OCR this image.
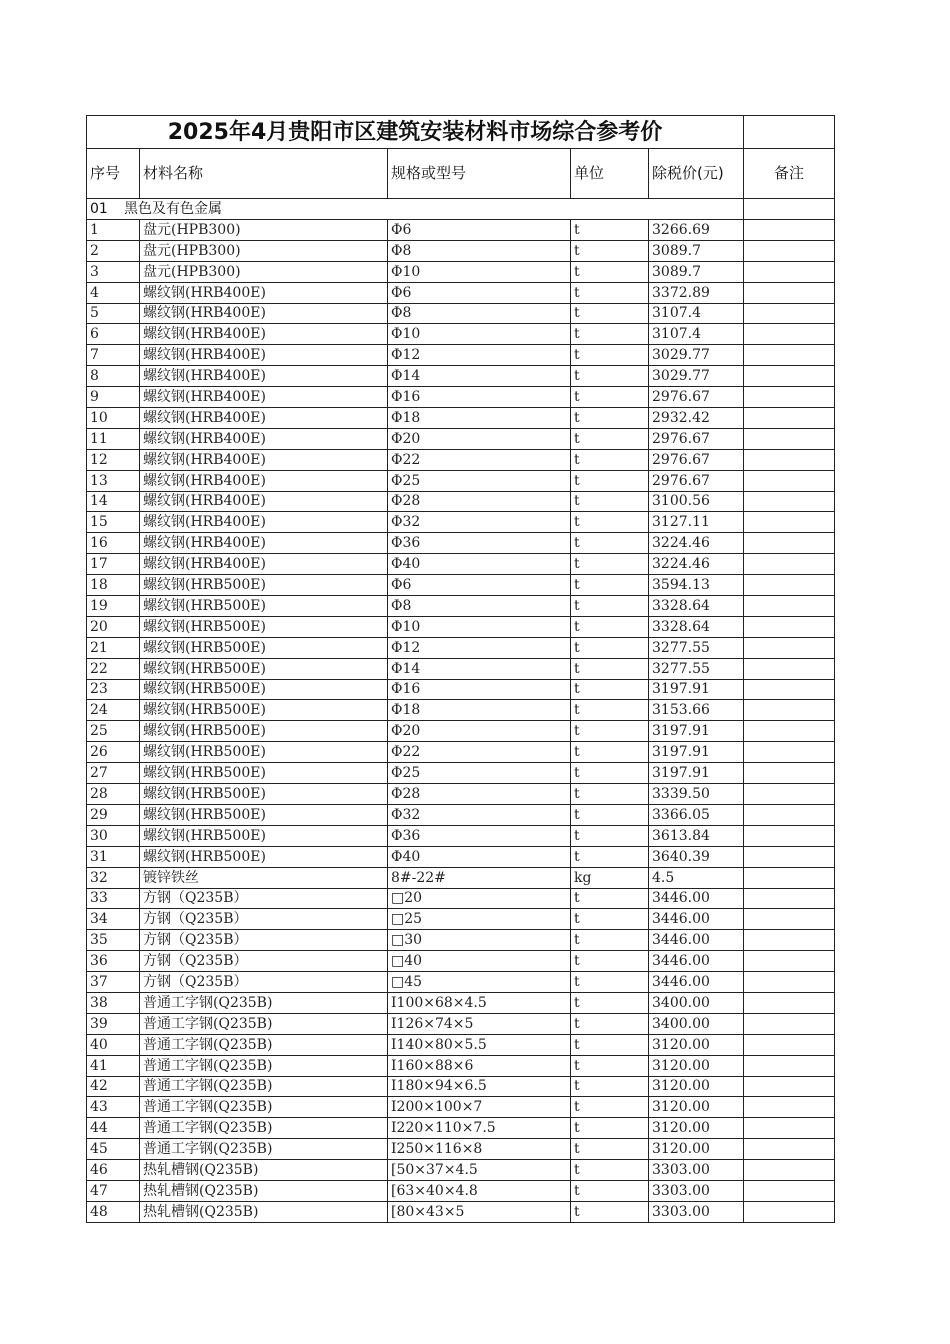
2025年4月贵阳市区建筑安装材料市场综合参考价					
序号	材料名称	规格或型号	单位	除税价(元)	备注
01 黑色及有色金属					
1	盘元(HPB300)	Φ6	t	3266.69	
2	盘元(HPB300)	Φ8	t	3089.7	
3	盘元(HPB300)	Φ10	t	3089.7	
4	螺纹钢(HRB400E)	Φ6	t	3372.89	
5	螺纹钢(HRB400E)	Φ8	t	3107.4	
6	螺纹钢(HRB400E)	Φ10	t	3107.4	
7	螺纹钢(HRB400E)	Φ12	t	3029.77	
8	螺纹钢(HRB400E)	Φ14	t	3029.77	
9	螺纹钢(HRB400E)	Φ16	t	2976.67	
10	螺纹钢(HRB400E)	Φ18	t	2932.42	
11	螺纹钢(HRB400E)	Φ20	t	2976.67	
12	螺纹钢(HRB400E)	Φ22	t	2976.67	
13	螺纹钢(HRB400E)	Φ25	t	2976.67	
14	螺纹钢(HRB400E)	Φ28	t	3100.56	
15	螺纹钢(HRB400E)	Φ32	t	3127.11	
16	螺纹钢(HRB400E)	Φ36	t	3224.46	
17	螺纹钢(HRB400E)	Φ40	t	3224.46	
18	螺纹钢(HRB500E)	Φ6	t	3594.13	
19	螺纹钢(HRB500E)	Φ8	t	3328.64	
20	螺纹钢(HRB500E)	Φ10	t	3328.64	
21	螺纹钢(HRB500E)	Φ12	t	3277.55	
22	螺纹钢(HRB500E)	Φ14	t	3277.55	
23	螺纹钢(HRB500E)	Φ16	t	3197.91	
24	螺纹钢(HRB500E)	Φ18	t	3153.66	
25	螺纹钢(HRB500E)	Φ20	t	3197.91	
26	螺纹钢(HRB500E)	Φ22	t	3197.91	
27	螺纹钢(HRB500E)	Φ25	t	3197.91	
28	螺纹钢(HRB500E)	Φ28	t	3339.50	
29	螺纹钢(HRB500E)	Φ32	t	3366.05	
30	螺纹钢(HRB500E)	Φ36	t	3613.84	
31	螺纹钢(HRB500E)	Φ40	t	3640.39	
32	镀锌铁丝	8#-22#	kg	4.5	
33	方钢（Q235B）	□20	t	3446.00	
34	方钢（Q235B）	□25	t	3446.00	
35	方钢（Q235B）	□30	t	3446.00	
36	方钢（Q235B）	□40	t	3446.00	
37	方钢（Q235B）	□45	t	3446.00	
38	普通工字钢(Q235B)	I100×68×4.5	t	3400.00	
39	普通工字钢(Q235B)	I126×74×5	t	3400.00	
40	普通工字钢(Q235B)	I140×80×5.5	t	3120.00	
41	普通工字钢(Q235B)	I160×88×6	t	3120.00	
42	普通工字钢(Q235B)	I180×94×6.5	t	3120.00	
43	普通工字钢(Q235B)	I200×100×7	t	3120.00	
44	普通工字钢(Q235B)	I220×110×7.5	t	3120.00	
45	普通工字钢(Q235B)	I250×116×8	t	3120.00	
46	热轧槽钢(Q235B)	[50×37×4.5	t	3303.00	
47	热轧槽钢(Q235B)	[63×40×4.8	t	3303.00	
48	热轧槽钢(Q235B)	[80×43×5	t	3303.00	
